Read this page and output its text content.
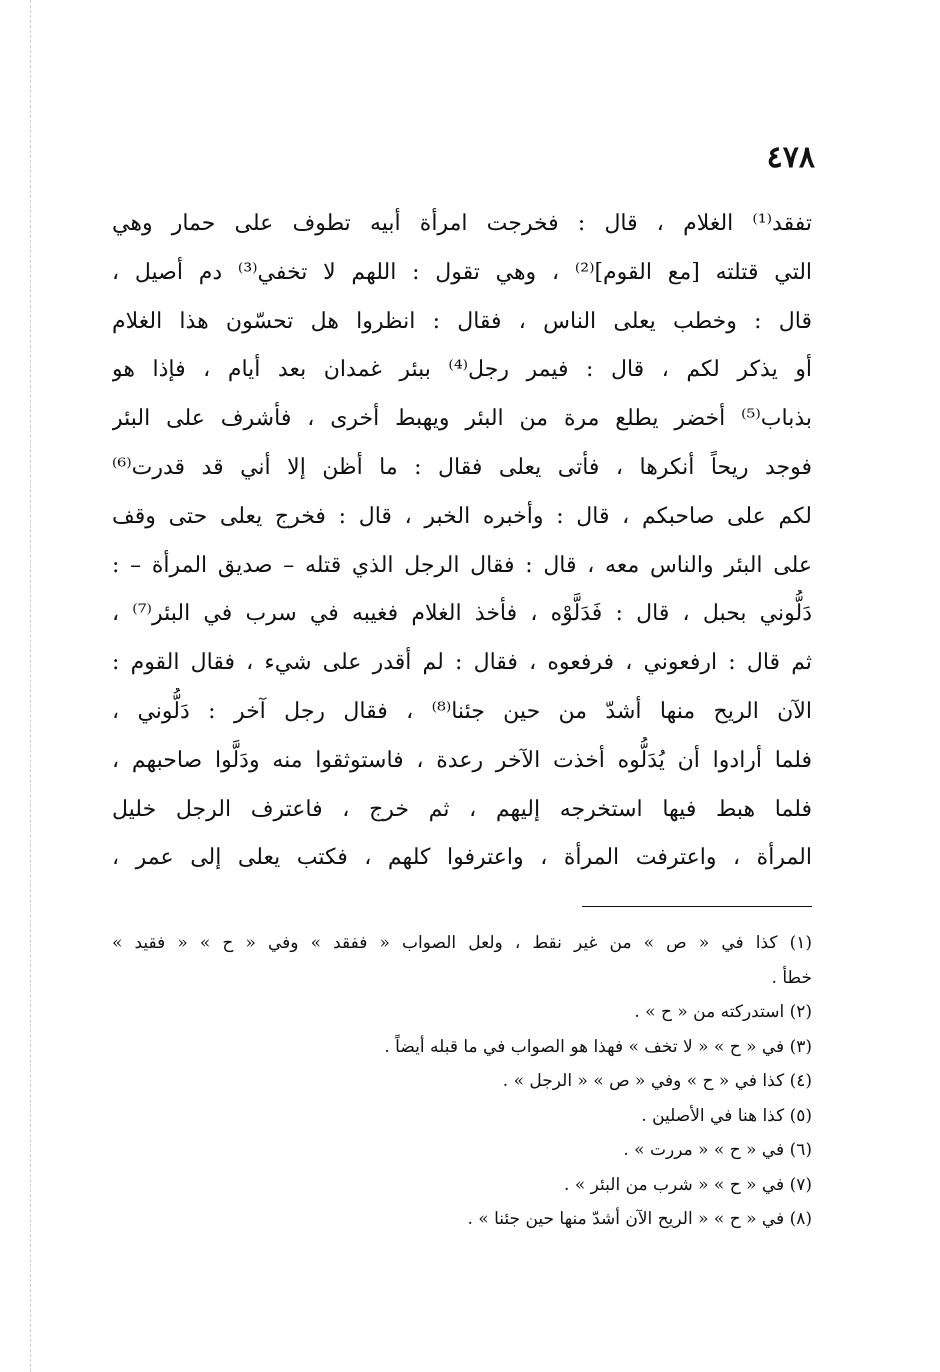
٤٧٨
تفقد⁽¹⁾ الغلام ، قال : فخرجت امرأة أبيه تطوف على حمار وهي
التي قتلته [مع القوم]⁽²⁾ ، وهي تقول : اللهم لا تخفي⁽³⁾ دم أصيل ،
قال : وخطب يعلى الناس ، فقال : انظروا هل تحسّون هذا الغلام
أو يذكر لكم ، قال : فيمر رجل⁽⁴⁾ ببئر غمدان بعد أيام ، فإذا هو
بذباب⁽⁵⁾ أخضر يطلع مرة من البئر ويهبط أخرى ، فأشرف على البئر
فوجد ريحاً أنكرها ، فأتى يعلى فقال : ما أظن إلا أني قد قدرت⁽⁶⁾
لكم على صاحبكم ، قال : وأخبره الخبر ، قال : فخرج يعلى حتى وقف
على البئر والناس معه ، قال : فقال الرجل الذي قتله – صديق المرأة – :
دَلُّوني بحبل ، قال : فَدَلَّوْه ، فأخذ الغلام فغيبه في سرب في البئر⁽⁷⁾ ،
ثم قال : ارفعوني ، فرفعوه ، فقال : لم أقدر على شيء ، فقال القوم :
الآن الريح منها أشدّ من حين جئنا⁽⁸⁾ ، فقال رجل آخر : دَلُّوني ،
فلما أرادوا أن يُدَلُّوه أخذت الآخر رعدة ، فاستوثقوا منه ودَلَّوا صاحبهم ،
فلما هبط فيها استخرجه إليهم ، ثم خرج ، فاعترف الرجل خليل
المرأة ، واعترفت المرأة ، واعترفوا كلهم ، فكتب يعلى إلى عمر ،
(١) كذا في « ص » من غير نقط ، ولعل الصواب « ففقد » وفي « ح » « فقيد »
خطأ .
(٢) استدركته من « ح » .
(٣) في « ح » « لا تخف » فهذا هو الصواب في ما قبله أيضاً .
(٤) كذا في « ح » وفي « ص » « الرجل » .
(٥) كذا هنا في الأصلين .
(٦) في « ح » « مررت » .
(٧) في « ح » « شرب من البئر » .
(٨) في « ح » « الريح الآن أشدّ منها حين جئنا » .
